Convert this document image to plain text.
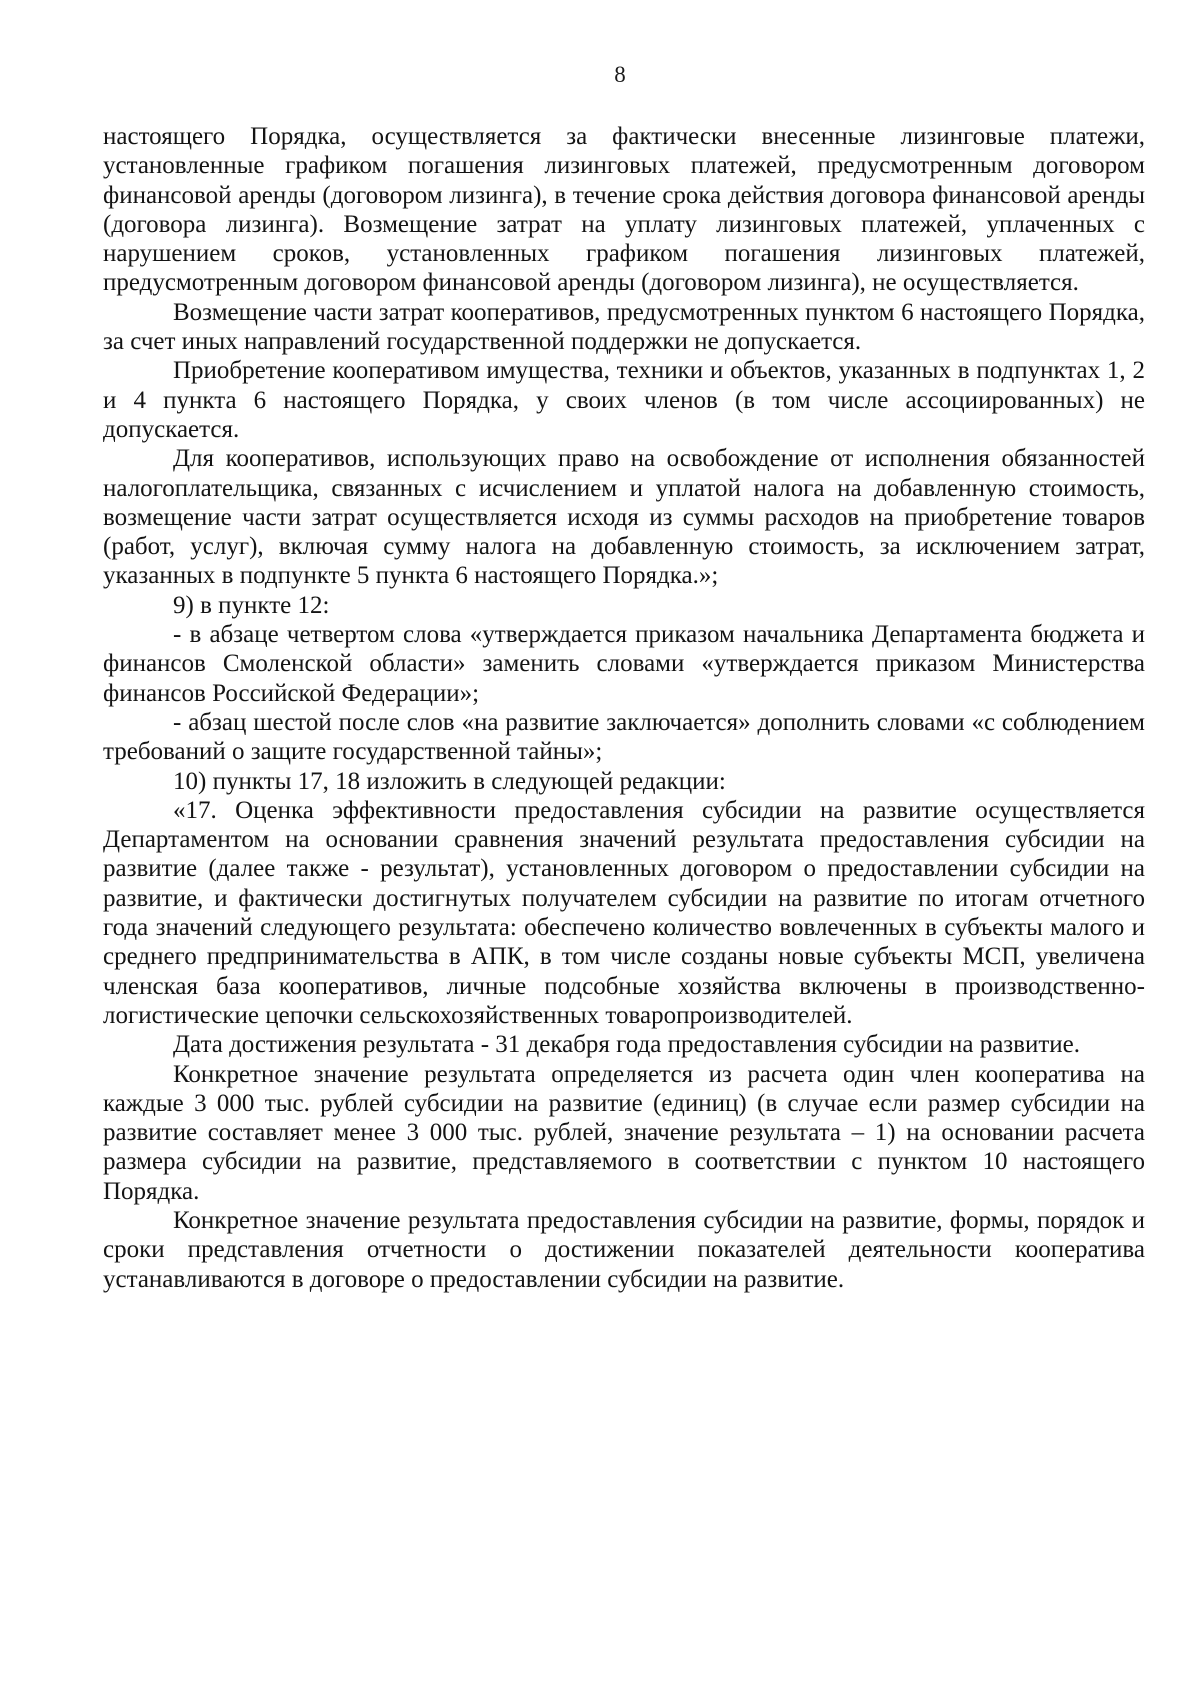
8

настоящего Порядка, осуществляется за фактически внесенные лизинговые платежи, установленные графиком погашения лизинговых платежей, предусмотренным договором финансовой аренды (договором лизинга), в течение срока действия договора финансовой аренды (договора лизинга). Возмещение затрат на уплату лизинговых платежей, уплаченных с нарушением сроков, установленных графиком погашения лизинговых платежей, предусмотренным договором финансовой аренды (договором лизинга), не осуществляется.

Возмещение части затрат кооперативов, предусмотренных пунктом 6 настоящего Порядка, за счет иных направлений государственной поддержки не допускается.

Приобретение кооперативом имущества, техники и объектов, указанных в подпунктах 1, 2 и 4 пункта 6 настоящего Порядка, у своих членов (в том числе ассоциированных) не допускается.

Для кооперативов, использующих право на освобождение от исполнения обязанностей налогоплательщика, связанных с исчислением и уплатой налога на добавленную стоимость, возмещение части затрат осуществляется исходя из суммы расходов на приобретение товаров (работ, услуг), включая сумму налога на добавленную стоимость, за исключением затрат, указанных в подпункте 5 пункта 6 настоящего Порядка.»;

9) в пункте 12:

- в абзаце четвертом слова «утверждается приказом начальника Департамента бюджета и финансов Смоленской области» заменить словами «утверждается приказом Министерства финансов Российской Федерации»;

- абзац шестой после слов «на развитие заключается» дополнить словами «с соблюдением требований о защите государственной тайны»;

10) пункты 17, 18 изложить в следующей редакции:

«17. Оценка эффективности предоставления субсидии на развитие осуществляется Департаментом на основании сравнения значений результата предоставления субсидии на развитие (далее также - результат), установленных договором о предоставлении субсидии на развитие, и фактически достигнутых получателем субсидии на развитие по итогам отчетного года значений следующего результата: обеспечено количество вовлеченных в субъекты малого и среднего предпринимательства в АПК, в том числе созданы новые субъекты МСП, увеличена членская база кооперативов, личные подсобные хозяйства включены в производственно-логистические цепочки сельскохозяйственных товаропроизводителей.

Дата достижения результата - 31 декабря года предоставления субсидии на развитие.

Конкретное значение результата определяется из расчета один член кооператива на каждые 3 000 тыс. рублей субсидии на развитие (единиц) (в случае если размер субсидии на развитие составляет менее 3 000 тыс. рублей, значение результата – 1) на основании расчета размера субсидии на развитие, представляемого в соответствии с пунктом 10 настоящего Порядка.

Конкретное значение результата предоставления субсидии на развитие, формы, порядок и сроки представления отчетности о достижении показателей деятельности кооператива устанавливаются в договоре о предоставлении субсидии на развитие.
